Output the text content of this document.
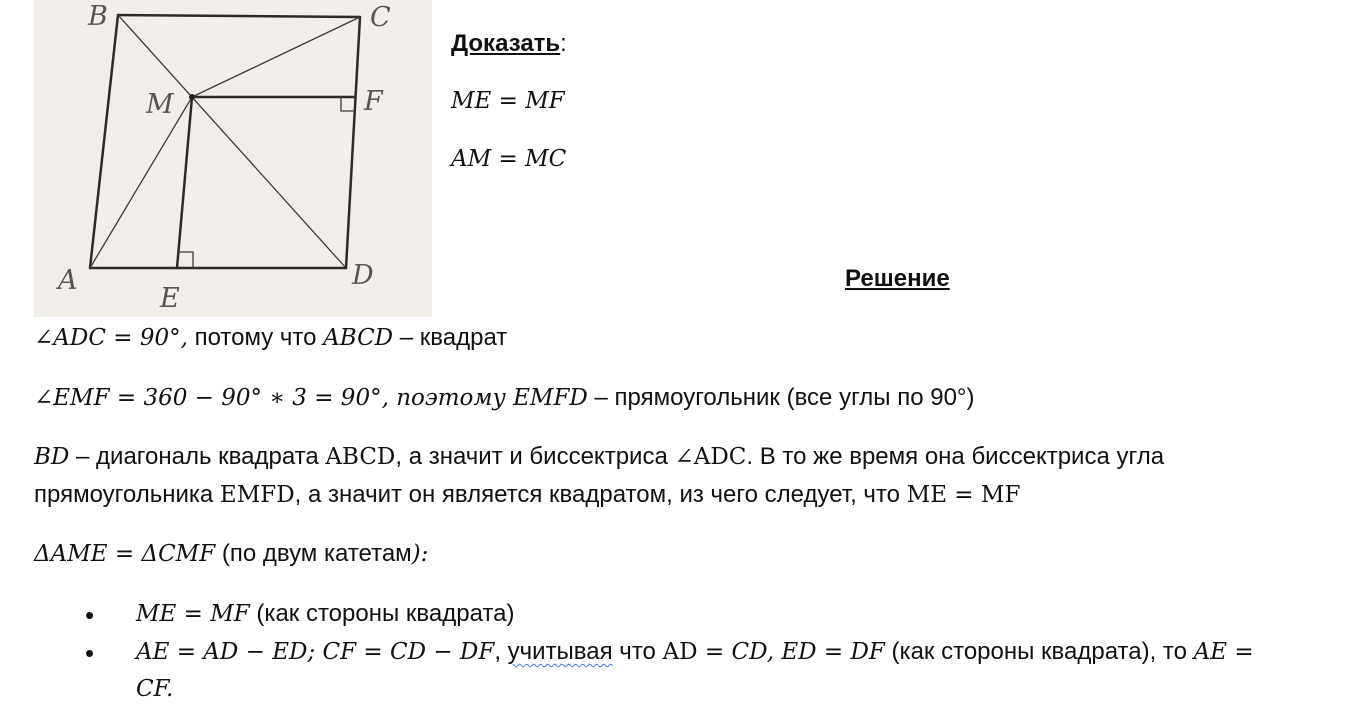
B	C
M	F
A	D
E
Доказать:
ME = MF
AM = MC
Решение
∠ADC = 90°, потому что ABCD – квадрат
∠EMF = 360 − 90° ∗ 3 = 90°, поэтому EMFD – прямоугольник (все углы по 90°)
BD – диагональ квадрата ABCD, а значит и биссектриса ∠ADC. В то же время она биссектриса угла
прямоугольника EMFD, а значит он является квадратом, из чего следует, что ME = MF
ΔAME = ΔCMF (по двум катетам):
• ME = MF (как стороны квадрата)
• AE = AD − ED; CF = CD − DF, учитывая что AD = CD, ED = DF (как стороны квадрата), то AE =
CF.
